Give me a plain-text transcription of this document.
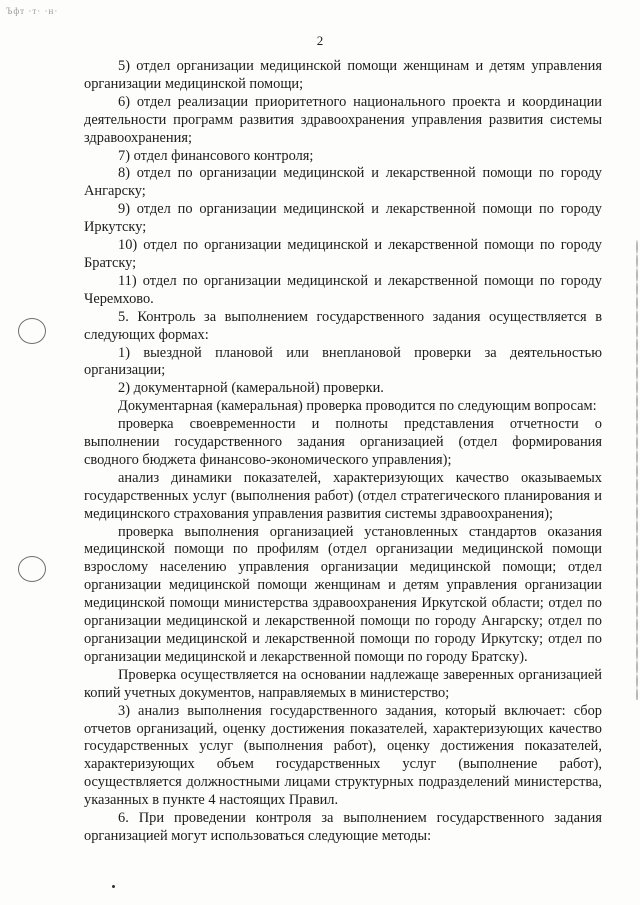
Ъфт ·т· ·н·
2

5) отдел организации медицинской помощи женщинам и детям управления организации медицинской помощи;

6) отдел реализации приоритетного национального проекта и координации деятельности программ развития здравоохранения управления развития системы здравоохранения;

7) отдел финансового контроля;

8) отдел по организации медицинской и лекарственной помощи по городу Ангарску;

9) отдел по организации медицинской и лекарственной помощи по городу Иркутску;

10) отдел по организации медицинской и лекарственной помощи по городу Братску;

11) отдел по организации медицинской и лекарственной помощи по городу Черемхово.

5. Контроль за выполнением государственного задания осуществляется в следующих формах:

1) выездной плановой или внеплановой проверки за деятельностью организации;

2) документарной (камеральной) проверки.

Документарная (камеральная) проверка проводится по следующим вопросам:

проверка своевременности и полноты представления отчетности о выполнении государственного задания организацией (отдел формирования сводного бюджета финансово-экономического управления);

анализ динамики показателей, характеризующих качество оказываемых государственных услуг (выполнения работ) (отдел стратегического планирования и медицинского страхования управления развития системы здравоохранения);

проверка выполнения организацией установленных стандартов оказания медицинской помощи по профилям (отдел организации медицинской помощи взрослому населению управления организации медицинской помощи; отдел организации медицинской помощи женщинам и детям управления организации медицинской помощи министерства здравоохранения Иркутской области; отдел по организации медицинской и лекарственной помощи по городу Ангарску; отдел по организации медицинской и лекарственной помощи по городу Иркутску; отдел по организации медицинской и лекарственной помощи по городу Братску).

Проверка осуществляется на основании надлежаще заверенных организацией копий учетных документов, направляемых в министерство;

3) анализ выполнения государственного задания, который включает: сбор отчетов организаций, оценку достижения показателей, характеризующих качество государственных услуг (выполнения работ), оценку достижения показателей, характеризующих объем государственных услуг (выполнение работ), осуществляется должностными лицами структурных подразделений министерства, указанных в пункте 4 настоящих Правил.

6. При проведении контроля за выполнением государственного задания организацией могут использоваться следующие методы:
